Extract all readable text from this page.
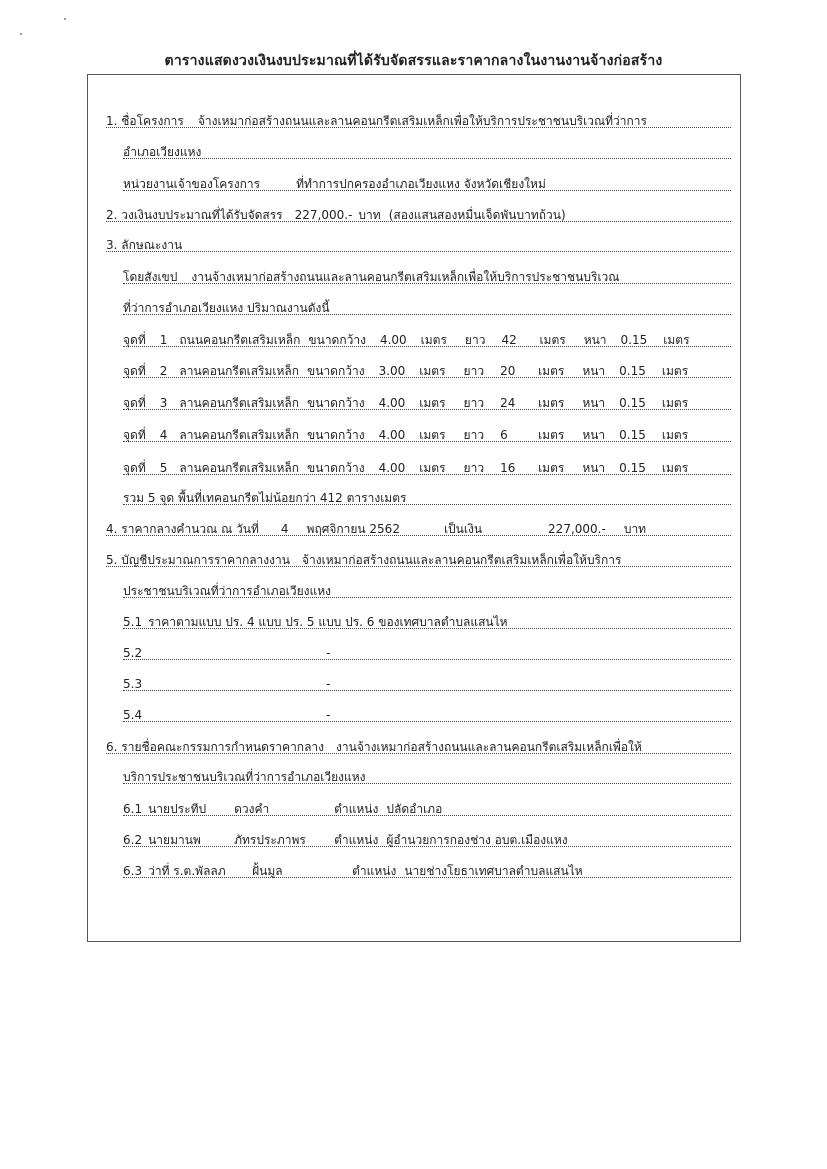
ตารางแสดงวงเงินงบประมาณที่ได้รับจัดสรรและราคากลางในงานงานจ้างก่อสร้าง
1. ชื่อโครงการ จ้างเหมาก่อสร้างถนนและลานคอนกรีตเสริมเหล็กเพื่อให้บริการประชาชนบริเวณที่ว่าการ
อำเภอเวียงแหง
หน่วยงานเจ้าของโครงการ	ที่ทำการปกครองอำเภอเวียงแหง จังหวัดเชียงใหม่
2. วงเงินงบประมาณที่ได้รับจัดสรร 227,000.- บาท (สองแสนสองหมื่นเจ็ดพันบาทถ้วน)
3. ลักษณะงาน
โดยสังเขป งานจ้างเหมาก่อสร้างถนนและลานคอนกรีตเสริมเหล็กเพื่อให้บริการประชาชนบริเวณ
ที่ว่าการอำเภอเวียงแหง ปริมาณงานดังนี้
จุดที่ 1 ถนนคอนกรีตเสริมเหล็ก ขนาดกว้าง 4.00 เมตร ยาว 42 เมตร หนา 0.15 เมตร
จุดที่ 2 ลานคอนกรีตเสริมเหล็ก ขนาดกว้าง 3.00 เมตร ยาว 20 เมตร หนา 0.15 เมตร
จุดที่ 3 ลานคอนกรีตเสริมเหล็ก ขนาดกว้าง 4.00 เมตร ยาว 24 เมตร หนา 0.15 เมตร
จุดที่ 4 ลานคอนกรีตเสริมเหล็ก ขนาดกว้าง 4.00 เมตร ยาว 6	เมตร หนา 0.15 เมตร
จุดที่ 5 ลานคอนกรีตเสริมเหล็ก ขนาดกว้าง 4.00 เมตร ยาว 16 เมตร หนา 0.15 เมตร
รวม 5 จุด พื้นที่เทคอนกรีตไม่น้อยกว่า 412 ตารางเมตร
4. ราคากลางคำนวณ ณ วันที่ 4 พฤศจิกายน 2562	เป็นเงิน	227,000.- บาท
5. บัญชีประมาณการราคากลางงาน จ้างเหมาก่อสร้างถนนและลานคอนกรีตเสริมเหล็กเพื่อให้บริการ
ประชาชนบริเวณที่ว่าการอำเภอเวียงแหง
5.1 ราคาตามแบบ ปร. 4 แบบ ปร. 5 แบบ ปร. 6 ของเทศบาลตำบลแสนไห
5.2	-
5.3	-
5.4	-
6. รายชื่อคณะกรรมการกำหนดราคากลาง งานจ้างเหมาก่อสร้างถนนและลานคอนกรีตเสริมเหล็กเพื่อให้
บริการประชาชนบริเวณที่ว่าการอำเภอเวียงแหง
6.1 นายประทีป ดวงคำ	ตำแหน่ง ปลัดอำเภอ
6.2 นายมานพ	ภัทรประภาพร ตำแหน่ง ผู้อำนวยการกองช่าง อบต.เมืองแหง
6.3 ว่าที่ ร.ต.พัลลภ ฝั้นมูล	ตำแหน่ง นายช่างโยธาเทศบาลตำบลแสนไห
